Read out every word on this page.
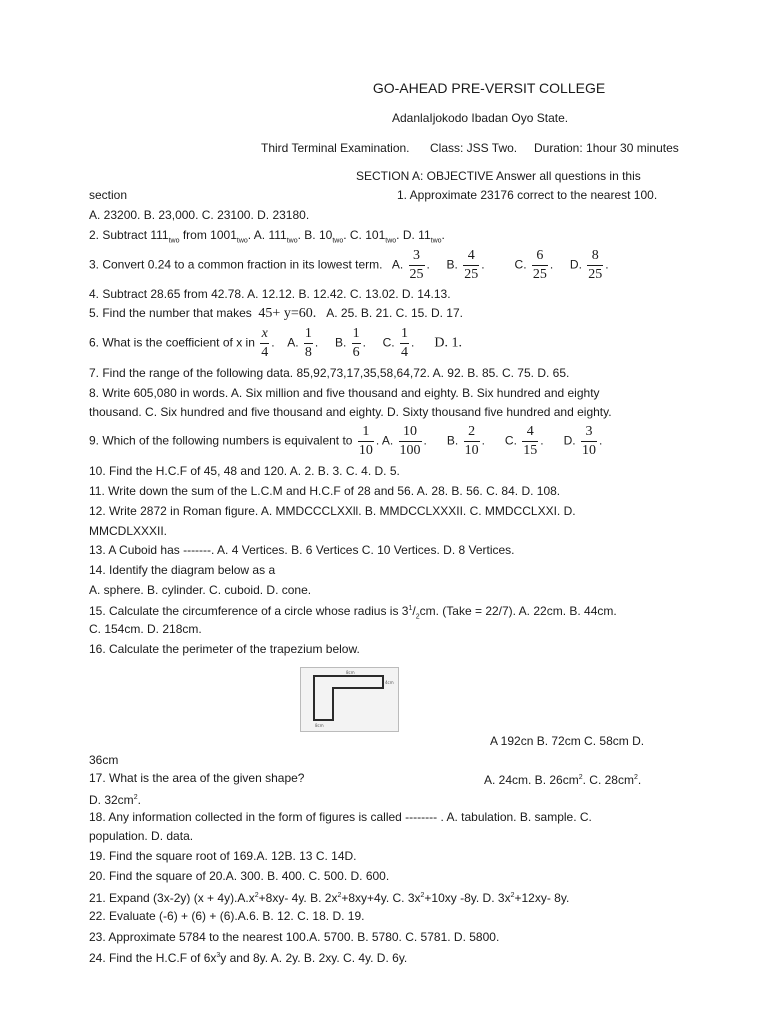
GO-AHEAD PRE-VERSIT COLLEGE
AdanlaIjokodo Ibadan Oyo State.
Third Terminal Examination. Class: JSS Two. Duration: 1hour 30 minutes
SECTION A: OBJECTIVE Answer all questions in this
section	1. Approximate 23176 correct to the nearest 100.
A. 23200. B. 23,000. C. 23100. D. 23180.
2. Subtract $111_{two}$ from $1001_{two}$. A. $111_{two}$. B. $10_{two}$. C. $101_{two}$. D. $11_{two}$.
3. Convert 0.24 to a common fraction in its lowest term. A. $\frac{3}{25}$ .     B. $\frac{4}{25}$ .         C. $\frac{6}{25}$ .     D. $\frac{8}{25}$ .
4. Subtract 28.65 from 42.78. A. 12.12. B. 12.42. C. 13.02. D. 14.13.
5. Find the number that makes 45+ y=60. A. 25. B. 21. C. 15. D. 17.
6. What is the coefficient of x in $\frac{x}{4}$ .    A. $\frac{1}{8}$ .     B. $\frac{1}{6}$ .     C. $\frac{1}{4}$ .      D. 1.
7. Find the range of the following data. 85,92,73,17,35,58,64,72. A. 92. B. 85. C. 75. D. 65.
8. Write 605,080 in words. A. Six million and five thousand and eighty. B. Six hundred and eighty
thousand. C. Six hundred and five thousand and eighty. D. Sixty thousand five hundred and eighty.
9. Which of the following numbers is equivalent to $\frac{1}{10}$ . A. $\frac{10}{100}$ .      B. $\frac{2}{10}$ .      C. $\frac{4}{15}$ .      D. $\frac{3}{10}$ .
10. Find the H.C.F of 45, 48 and 120. A. 2. B. 3. C. 4. D. 5.
11. Write down the sum of the L.C.M and H.C.F of 28 and 56. A. 28. B. 56. C. 84. D. 108.
12. Write 2872 in Roman figure. A. MMDCCCLXXll. B. MMDCCLXXXII. C. MMDCCLXXI. D.
MMCDLXXXII.
13. A Cuboid has -------. A. 4 Vertices. B. 6 Vertices C. 10 Vertices. D. 8 Vertices.
14. Identify the diagram below as a
A. sphere. B. cylinder. C. cuboid. D. cone.
15. Calculate the circumference of a circle whose radius is $3^1/_2cm$. (Take = 22/7). A. 22cm. B. 44cm.
C. 154cm. D. 218cm.
16. Calculate the perimeter of the trapezium below.
8cm
4cm
8cm
A 192cn B. 72cm C. 58cm D.
36cm
17. What is the area of the given shape?	A. 24cm. B. $26cm^2$. C. $28cm^2$.
D. $32cm^2$.
18. Any information collected in the form of figures is called -------- . A. tabulation. B. sample. C.
population. D. data.
19. Find the square root of 169.A. 12B. 13 C. 14D.
20. Find the square of 20.A. 300. B. 400. C. 500. D. 600.
21. Expand (3x-2y) $(x + 4y).A.x^2+8xy-$ 4y. B. $2x^2+8xy+4y$. C. $3x^2+10xy$ -8y. D. $3x^2+12xy-$ 8y.
22. Evaluate (-6) + (6) + (6).A.6. B. 12. C. 18. D. 19.
23. Approximate 5784 to the nearest 100.A. 5700. B. 5780. C. 5781. D. 5800.
24. Find the H.C.F of $6x^3y$ and 8y. A. 2y. B. 2xy. C. 4y. D. 6y.
